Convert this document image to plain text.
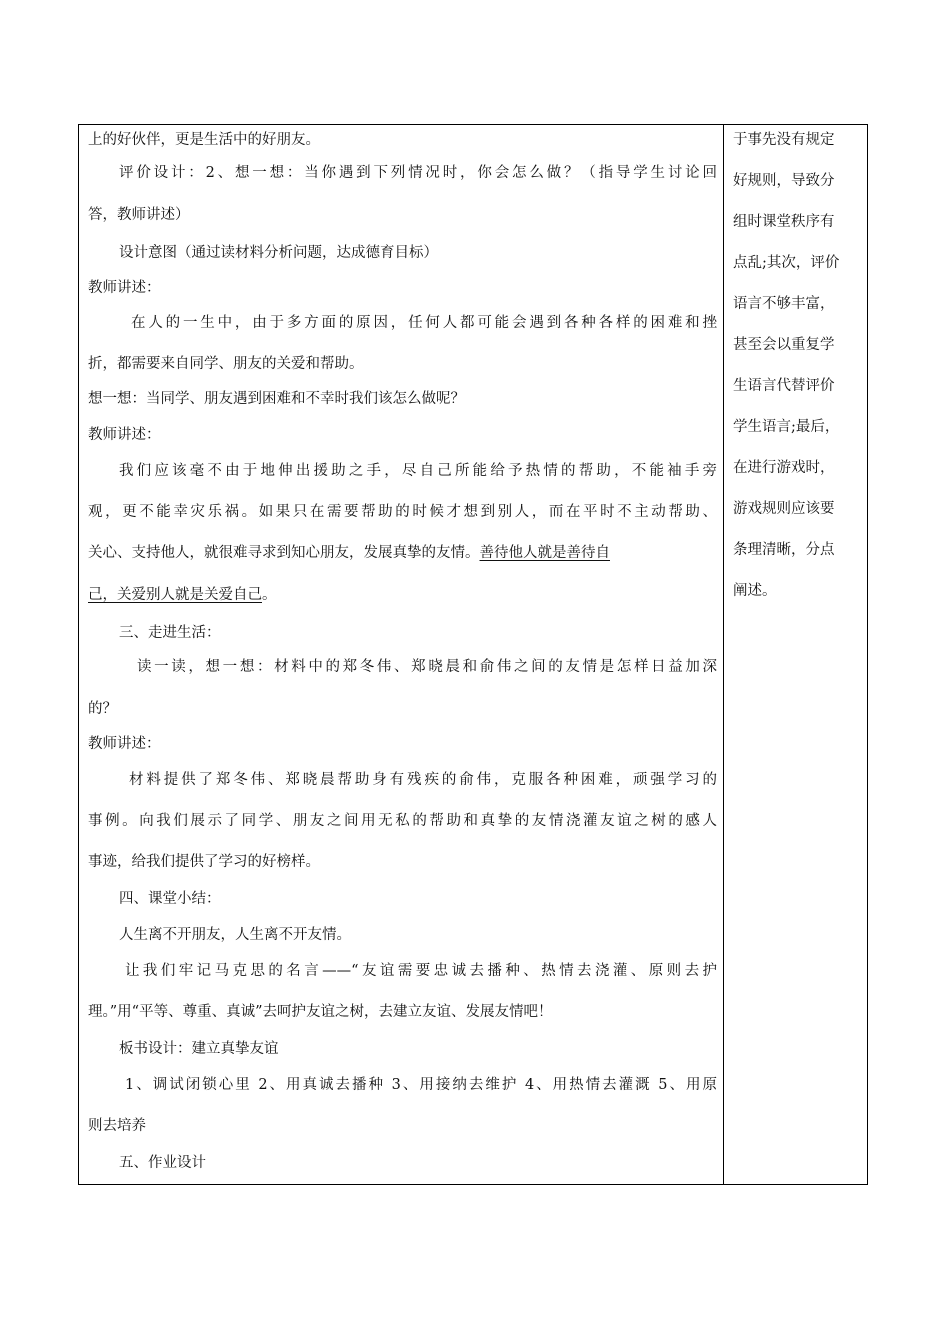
上的好伙伴，更是生活中的好朋友。
评价设计：2、想一想：当你遇到下列情况时，你会怎么做？（指导学生讨论回
答，教师讲述）
设计意图（通过读材料分析问题，达成德育目标）
教师讲述：
在人的一生中，由于多方面的原因，任何人都可能会遇到各种各样的困难和挫
折，都需要来自同学、朋友的关爱和帮助。
想一想：当同学、朋友遇到困难和不幸时我们该怎么做呢？
教师讲述：
我们应该毫不由于地伸出援助之手，尽自己所能给予热情的帮助，不能袖手旁
观，更不能幸灾乐祸。如果只在需要帮助的时候才想到别人，而在平时不主动帮助、
关心、支持他人，就很难寻求到知心朋友，发展真挚的友情。善待他人就是善待自
己，关爱别人就是关爱自己。
三、走进生活：
读一读，想一想：材料中的郑冬伟、郑晓晨和俞伟之间的友情是怎样日益加深
的？
教师讲述：
材料提供了郑冬伟、郑晓晨帮助身有残疾的俞伟，克服各种困难，顽强学习的
事例。向我们展示了同学、朋友之间用无私的帮助和真挚的友情浇灌友谊之树的感人
事迹，给我们提供了学习的好榜样。
四、课堂小结：
人生离不开朋友，人生离不开友情。
让我们牢记马克思的名言——“友谊需要忠诚去播种、热情去浇灌、原则去护
理。”用“平等、尊重、真诚”去呵护友谊之树，去建立友谊、发展友情吧！
板书设计：建立真挚友谊
1、调试闭锁心里 2、用真诚去播种 3、用接纳去维护 4、用热情去灌溉 5、用原
则去培养
五、作业设计
于事先没有规定
好规则，导致分
组时课堂秩序有
点乱;其次，评价
语言不够丰富，
甚至会以重复学
生语言代替评价
学生语言;最后，
在进行游戏时，
游戏规则应该要
条理清晰，分点
阐述。
